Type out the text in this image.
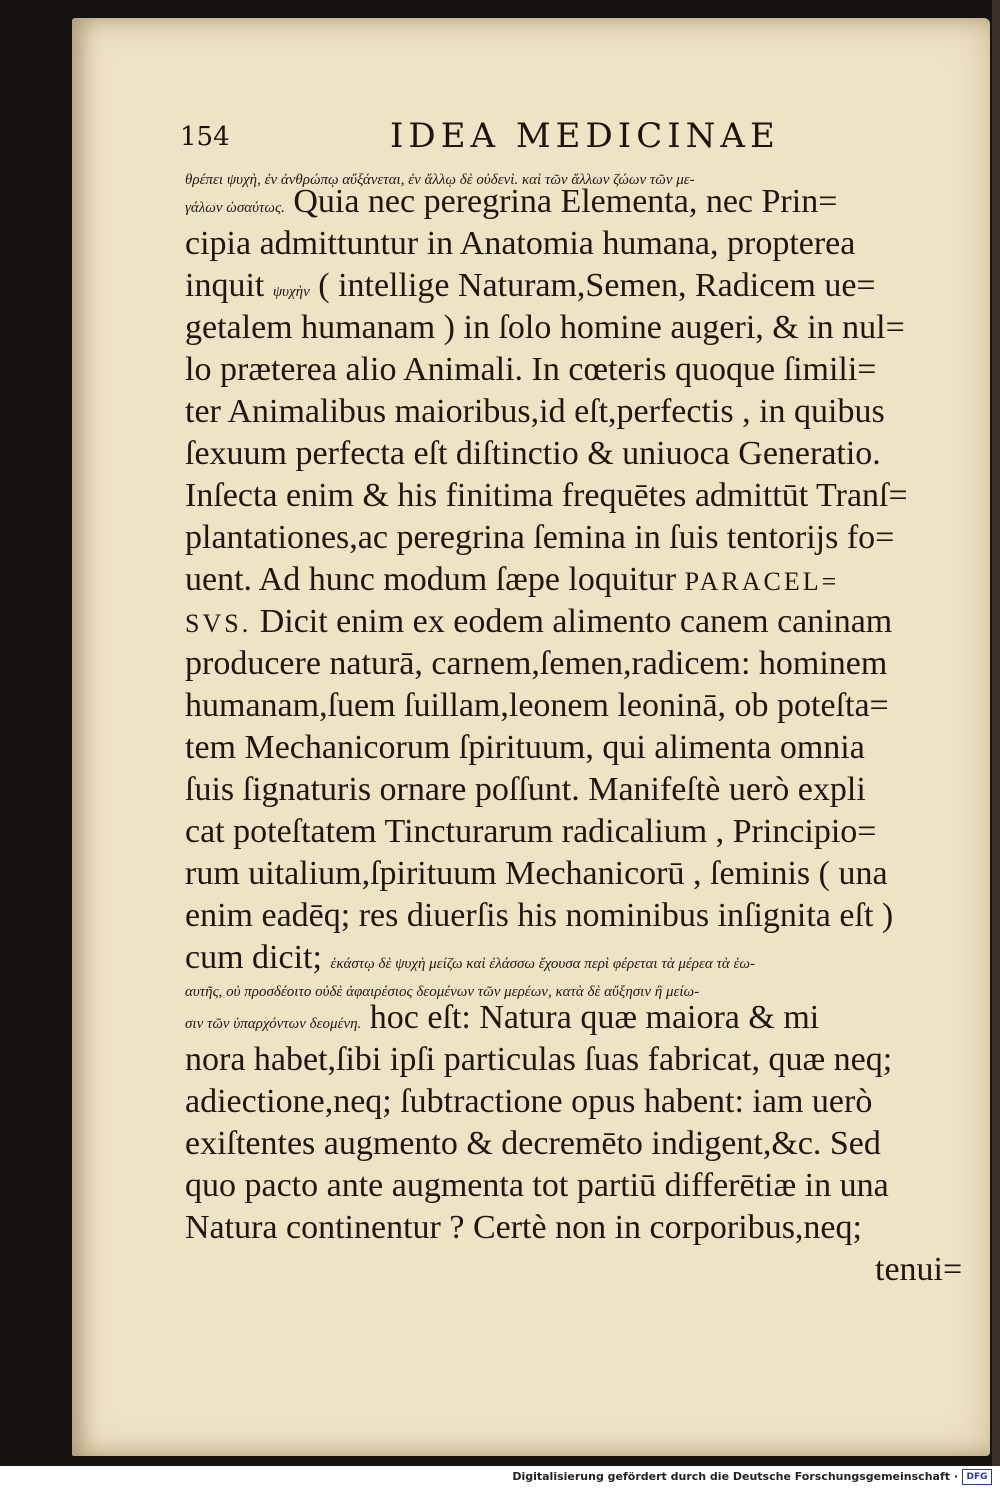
154	IDEA MEDICINAE
θρέπει ψυχὴ, ἐν ἀνθρώπῳ αὔξάνεται, ἐν ἄλλῳ δὲ οὐδενὶ. καὶ τῶν ἄλλων ζώων τῶν με-
γάλων ὡσαύτως. Quia nec peregrina Elementa, nec Prin=
cipia admittuntur in Anatomia humana, propterea
inquit ψυχὴν ( intellige Naturam,Semen, Radicem ue=
getalem humanam ) in ſolo homine augeri, & in nul=
lo præterea alio Animali. In cœteris quoque ſimili=
ter Animalibus maioribus,id eſt,perfectis , in quibus
ſexuum perfecta eſt diſtinctio & uniuoca Generatio.
Inſecta enim & his finitima frequētes admittūt Tranſ=
plantationes,ac peregrina ſemina in ſuis tentorijs fo=
uent. Ad hunc modum ſæpe loquitur PARACEL=
SVS. Dicit enim ex eodem alimento canem caninam
producere naturā, carnem,ſemen,radicem: hominem
humanam,ſuem ſuillam,leonem leoninā, ob poteſta=
tem Mechanicorum ſpirituum, qui alimenta omnia
ſuis ſignaturis ornare poſſunt. Manifeſtè uerò expli
cat poteſtatem Tincturarum radicalium , Principio=
rum uitalium,ſpirituum Mechanicorū , ſeminis ( una
enim eadēq; res diuerſis his nominibus inſignita eſt )
cum dicit; ἑκάστῳ δὲ ψυχὴ μείζω καὶ ἐλάσσω ἔχουσα περὶ φέρεται τὰ μέρεα τὰ ἑω-
αυτῆς, οὐ προσδέοιτο οὐδὲ ἀφαιρέσιος δεομένων τῶν μερέων, κατὰ δὲ αὔξησιν ἢ μείω-
σιν τῶν ὑπαρχόντων δεομένη. hoc eſt: Natura quæ maiora & mi
nora habet,ſibi ipſi particulas ſuas fabricat, quæ neq;
adiectione,neq; ſubtractione opus habent: iam uerò
exiſtentes augmento & decremēto indigent,&c. Sed
quo pacto ante augmenta tot partiū differētiæ in una
Natura continentur ? Certè non in corporibus,neq;
tenui=
Digitalisierung gefördert durch die Deutsche Forschungsgemeinschaft · DFG
